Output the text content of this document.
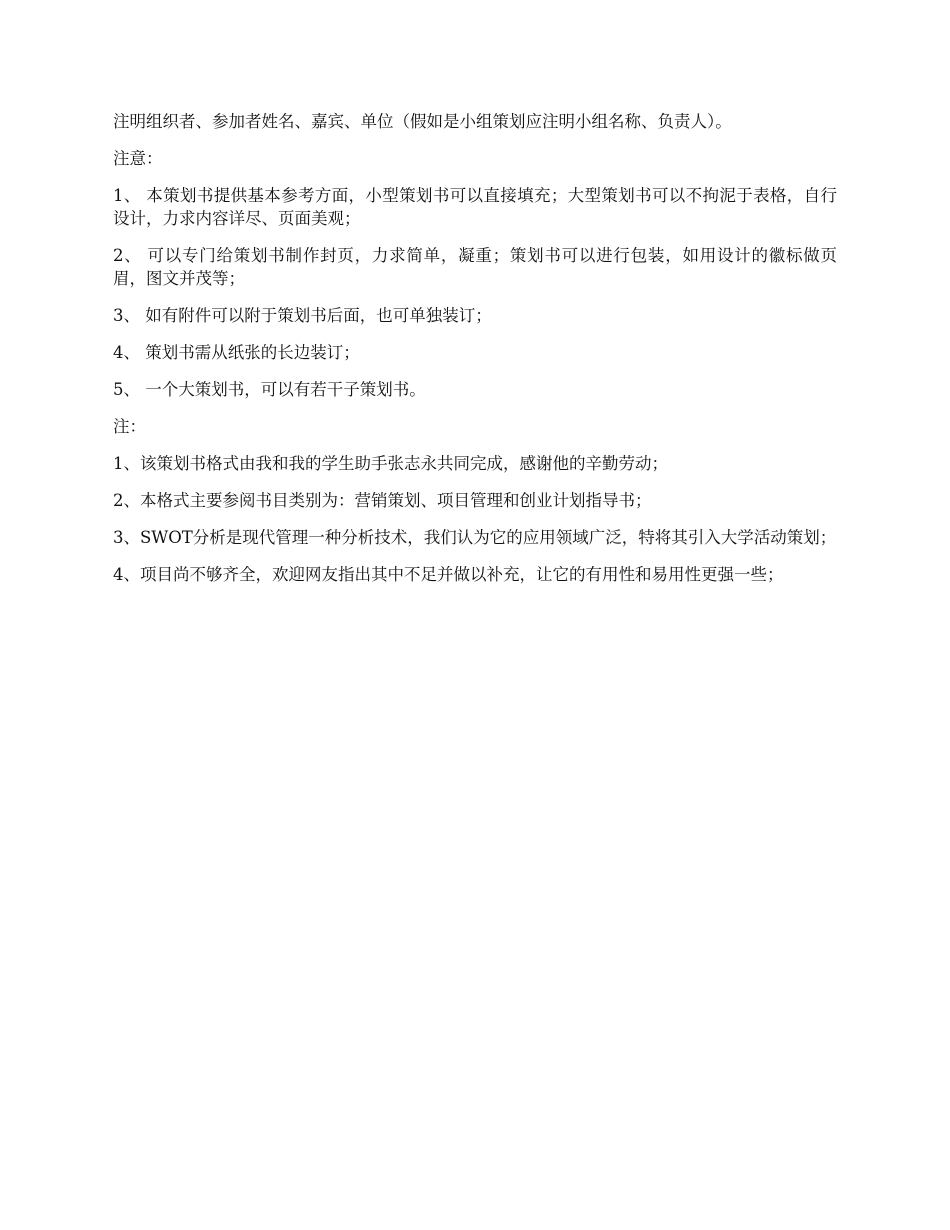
注明组织者、参加者姓名、嘉宾、单位（假如是小组策划应注明小组名称、负责人）。

注意：

1、 本策划书提供基本参考方面，小型策划书可以直接填充；大型策划书可以不拘泥于表格，自行设计，力求内容详尽、页面美观；

2、 可以专门给策划书制作封页，力求简单，凝重；策划书可以进行包装，如用设计的徽标做页眉，图文并茂等；

3、 如有附件可以附于策划书后面，也可单独装订；

4、 策划书需从纸张的长边装订；

5、 一个大策划书，可以有若干子策划书。

注：

1、该策划书格式由我和我的学生助手张志永共同完成，感谢他的辛勤劳动；

2、本格式主要参阅书目类别为：营销策划、项目管理和创业计划指导书；

3、SWOT分析是现代管理一种分析技术，我们认为它的应用领域广泛，特将其引入大学活动策划；

4、项目尚不够齐全，欢迎网友指出其中不足并做以补充，让它的有用性和易用性更强一些；
